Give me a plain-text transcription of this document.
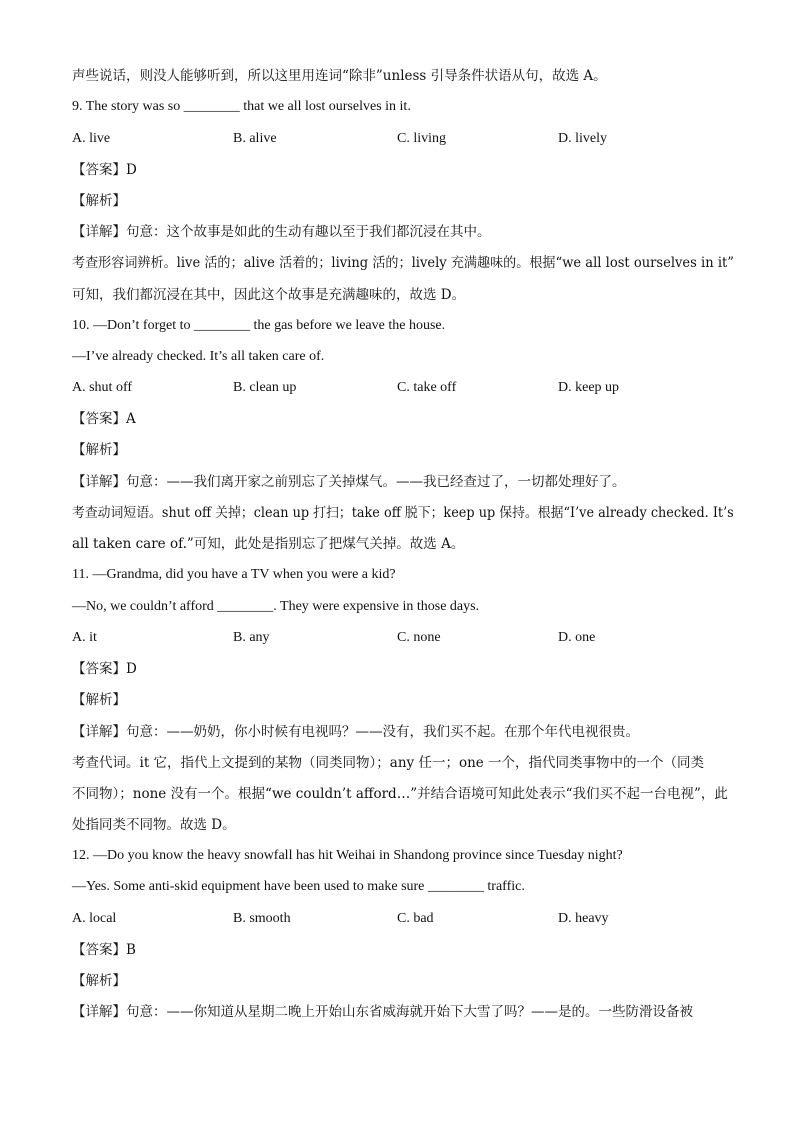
声些说话，则没人能够听到，所以这里用连词“除非”unless 引导条件状语从句，故选 A。
9. The story was so ________ that we all lost ourselves in it.
A. live	B. alive	C. living	D. lively
【答案】D
【解析】
【详解】句意：这个故事是如此的生动有趣以至于我们都沉浸在其中。
考查形容词辨析。live 活的；alive 活着的；living 活的；lively 充满趣味的。根据“we all lost ourselves in it”
可知，我们都沉浸在其中，因此这个故事是充满趣味的，故选 D。
10. —Don’t forget to ________ the gas before we leave the house.
—I’ve already checked. It’s all taken care of.
A. shut off	B. clean up	C. take off	D. keep up
【答案】A
【解析】
【详解】句意：——我们离开家之前别忘了关掉煤气。——我已经查过了，一切都处理好了。
考查动词短语。shut off 关掉；clean up 打扫；take off 脱下；keep up 保持。根据“I’ve already checked. It’s
all taken care of.”可知，此处是指别忘了把煤气关掉。故选 A。
11. —Grandma, did you have a TV when you were a kid?
—No, we couldn’t afford ________. They were expensive in those days.
A. it	B. any	C. none	D. one
【答案】D
【解析】
【详解】句意：——奶奶，你小时候有电视吗？——没有，我们买不起。在那个年代电视很贵。
考查代词。it 它，指代上文提到的某物（同类同物）；any 任一；one 一个，指代同类事物中的一个（同类
不同物）；none 没有一个。根据“we couldn’t afford…”并结合语境可知此处表示“我们买不起一台电视”，此
处指同类不同物。故选 D。
12. —Do you know the heavy snowfall has hit Weihai in Shandong province since Tuesday night?
—Yes. Some anti-skid equipment have been used to make sure ________ traffic.
A. local	B. smooth	C. bad	D. heavy
【答案】B
【解析】
【详解】句意：——你知道从星期二晚上开始山东省威海就开始下大雪了吗？——是的。一些防滑设备被
